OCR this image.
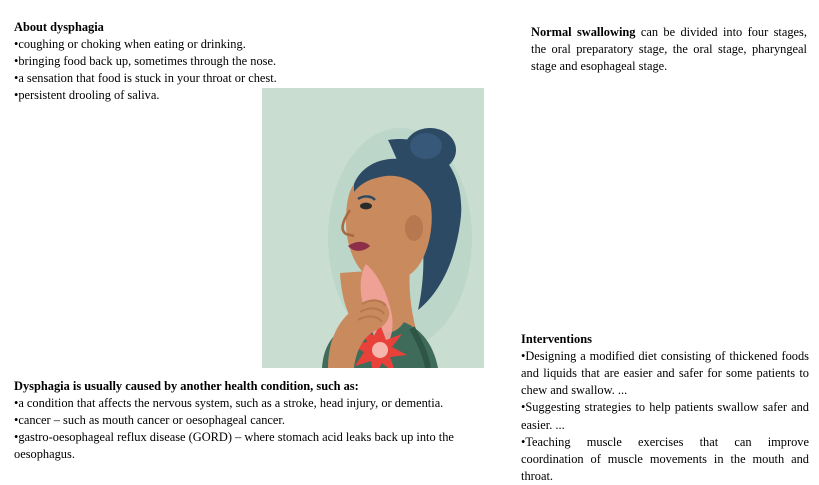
About dysphagia

•coughing or choking when eating or drinking.

•bringing food back up, sometimes through the nose.

•a sensation that food is stuck in your throat or chest.

•persistent drooling of saliva.

Normal swallowing can be divided into four stages, the oral preparatory stage, the oral stage, pharyngeal stage and esophageal stage.

Dysphagia is usually caused by another health condition, such as:

•a condition that affects the nervous system, such as a stroke, head injury, or dementia.

•cancer – such as mouth cancer or oesophageal cancer.

•gastro-oesophageal reflux disease (GORD) – where stomach acid leaks back up into the oesophagus.

Interventions

•Designing a modified diet consisting of thickened foods and liquids that are easier and safer for some patients to chew and swallow. ...

•Suggesting strategies to help patients swallow safer and easier. ...

•Teaching muscle exercises that can improve coordination of muscle movements in the mouth and throat.
